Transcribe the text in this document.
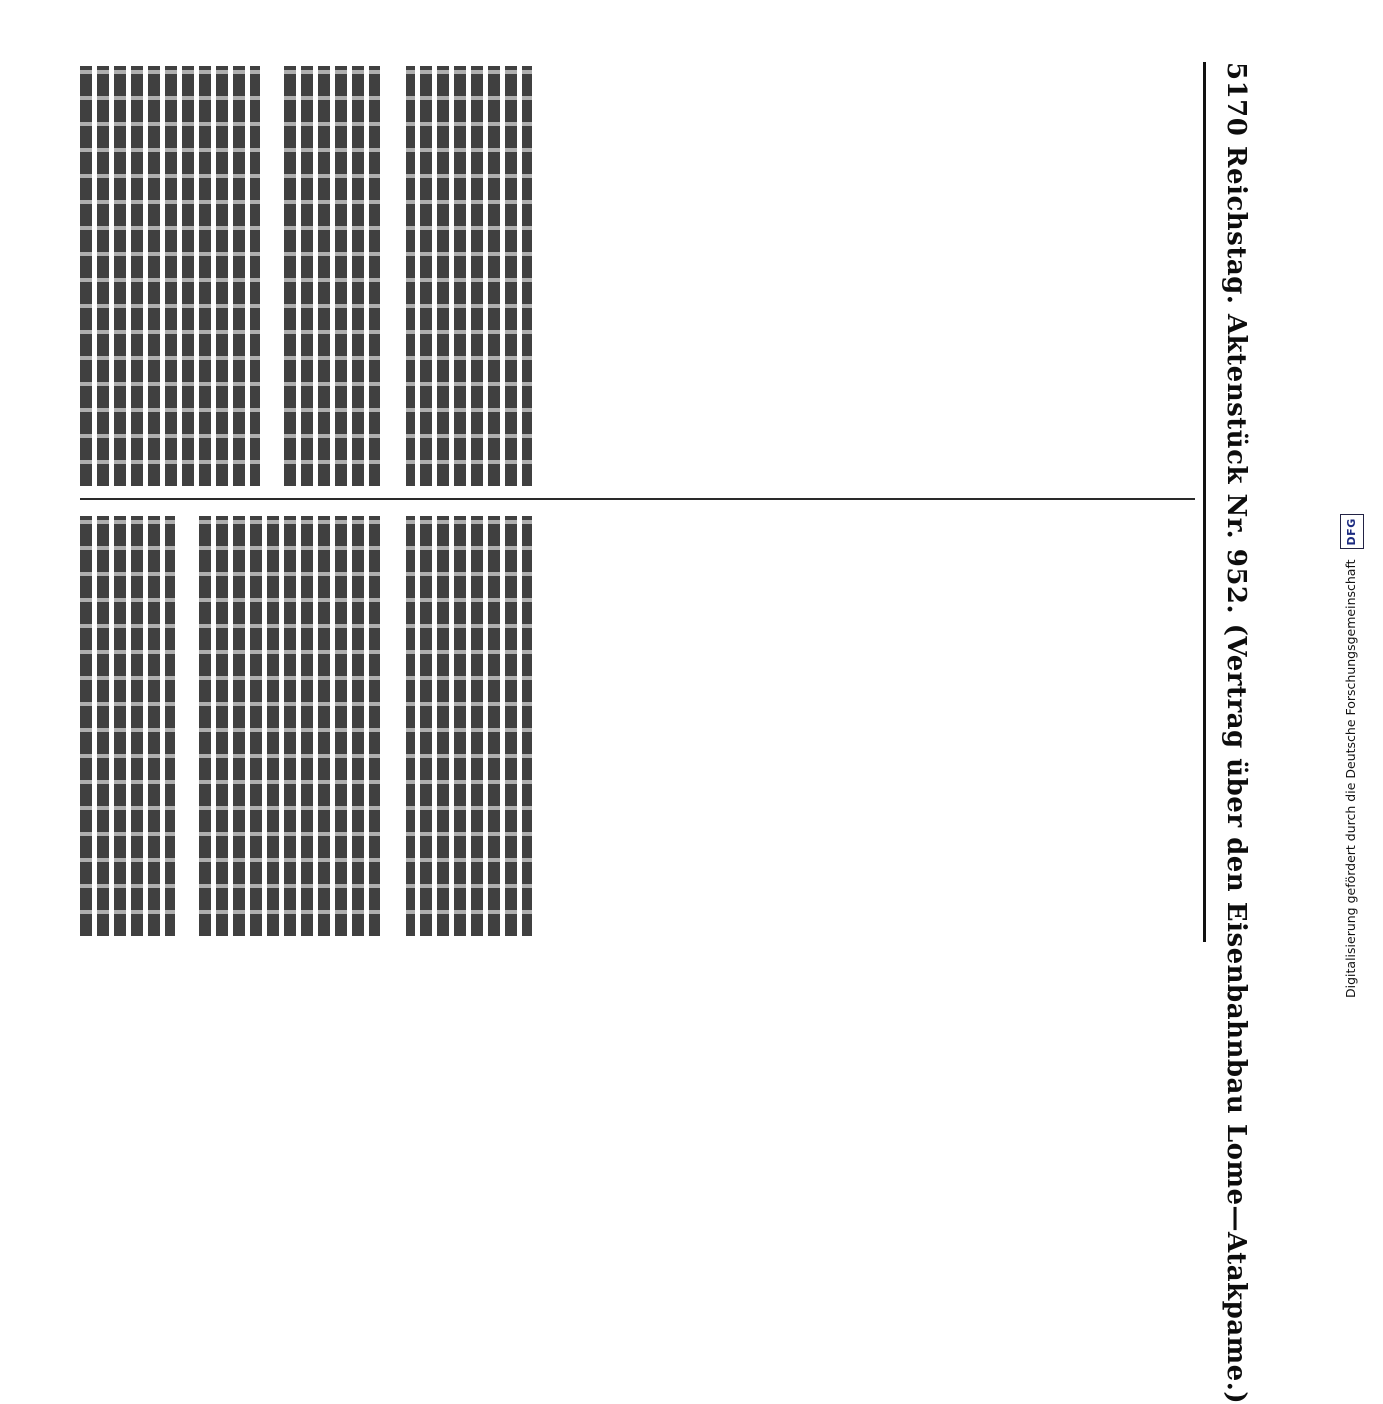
5170 Reichstag. Aktenstück Nr. 952. (Vertrag über den Eisenbahnbau Lome—Atakpame.)	Digitalisierung gefördert durch die Deutsche Forschungsgemeinschaft DFG
